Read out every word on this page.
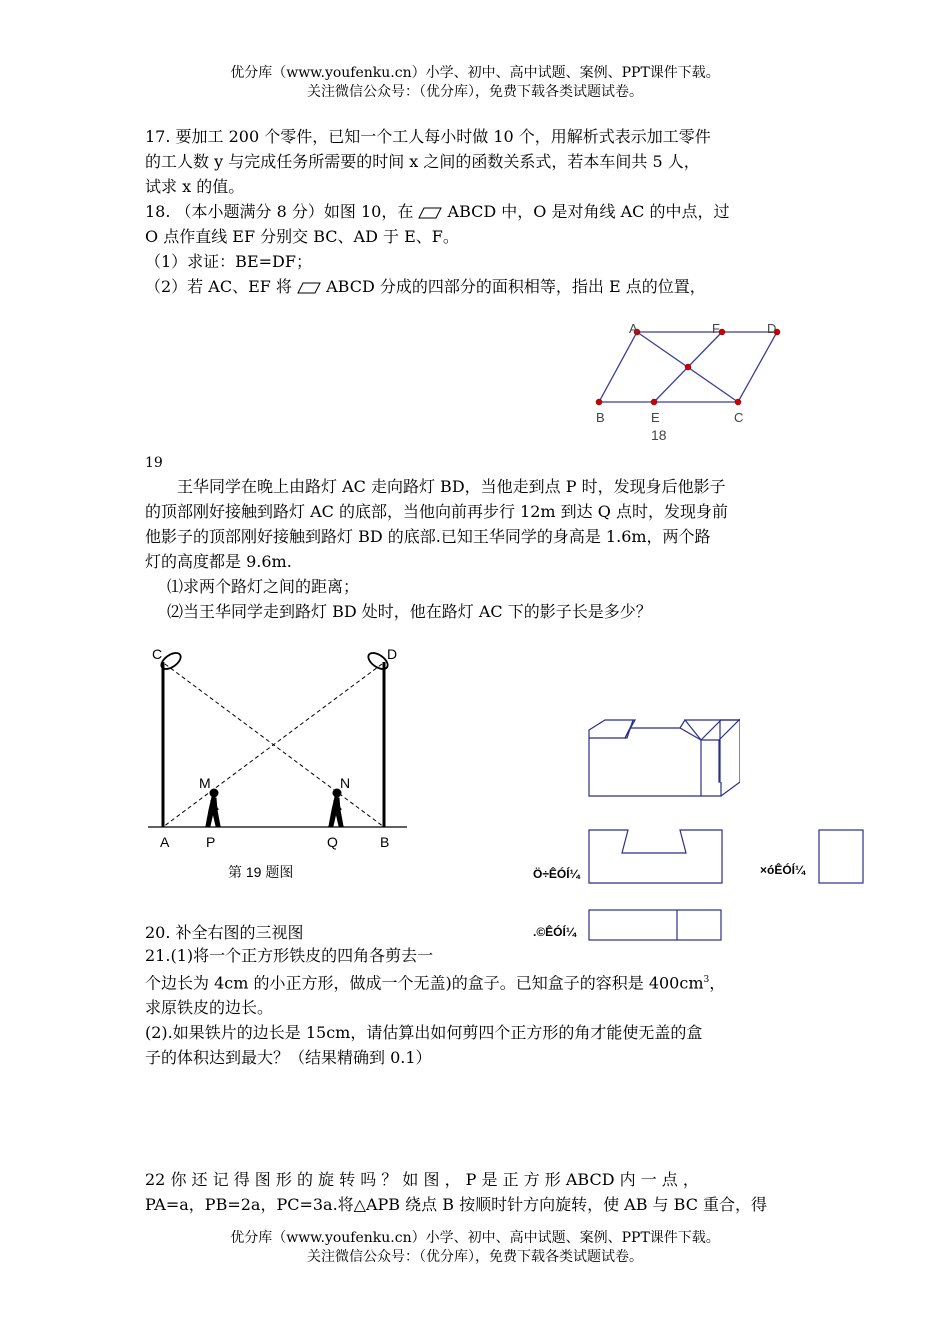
优分库（www.youfenku.cn）小学、初中、高中试题、案例、PPT课件下载。
关注微信公众号：（优分库），免费下载各类试题试卷。
17. 要加工 200 个零件，已知一个工人每小时做 10 个，用解析式表示加工零件
的工人数 y 与完成任务所需要的时间 x 之间的函数关系式，若本车间共 5 人，
试求 x 的值。
18. （本小题满分 8 分）如图 10，在 ABCD 中，O 是对角线 AC 的中点，过
O 点作直线 EF 分别交 BC、AD 于 E、F。
（1）求证：BE=DF；
（2）若 AC、EF 将 ABCD 分成的四部分的面积相等，指出 E 点的位置，
A	F	D
B	E	C
18
19
王华同学在晚上由路灯 AC 走向路灯 BD，当他走到点 P 时，发现身后他影子
的顶部刚好接触到路灯 AC 的底部，当他向前再步行 12m 到达 Q 点时，发现身前
他影子的顶部刚好接触到路灯 BD 的底部.已知王华同学的身高是 1.6m，两个路
灯的高度都是 9.6m.
⑴求两个路灯之间的距离；
⑵当王华同学走到路灯 BD 处时，他在路灯 AC 下的影子长是多少？
C	D
M	N
A	P	Q	B
第 19 题图	Ö÷ÊÓÍ¼	×óÊÓÍ¼
.©ÊÓÍ¼
20. 补全右图的三视图
21.(1)将一个正方形铁皮的四角各剪去一
个边长为 4cm 的小正方形，做成一个无盖)的盒子。已知盒子的容积是 $400cm^3$，
求原铁皮的边长。
(2).如果铁片的边长是 15cm，请估算出如何剪四个正方形的角才能使无盖的盒
子的体积达到最大？（结果精确到 0.1）
22 你 还 记 得 图 形 的 旋 转 吗 ？ 如 图 ， P 是 正 方 形 ABCD 内 一 点 ，
PA=a，PB=2a，PC=3a.将△APB 绕点 B 按顺时针方向旋转，使 AB 与 BC 重合，得
优分库（www.youfenku.cn）小学、初中、高中试题、案例、PPT课件下载。
关注微信公众号：（优分库），免费下载各类试题试卷。
